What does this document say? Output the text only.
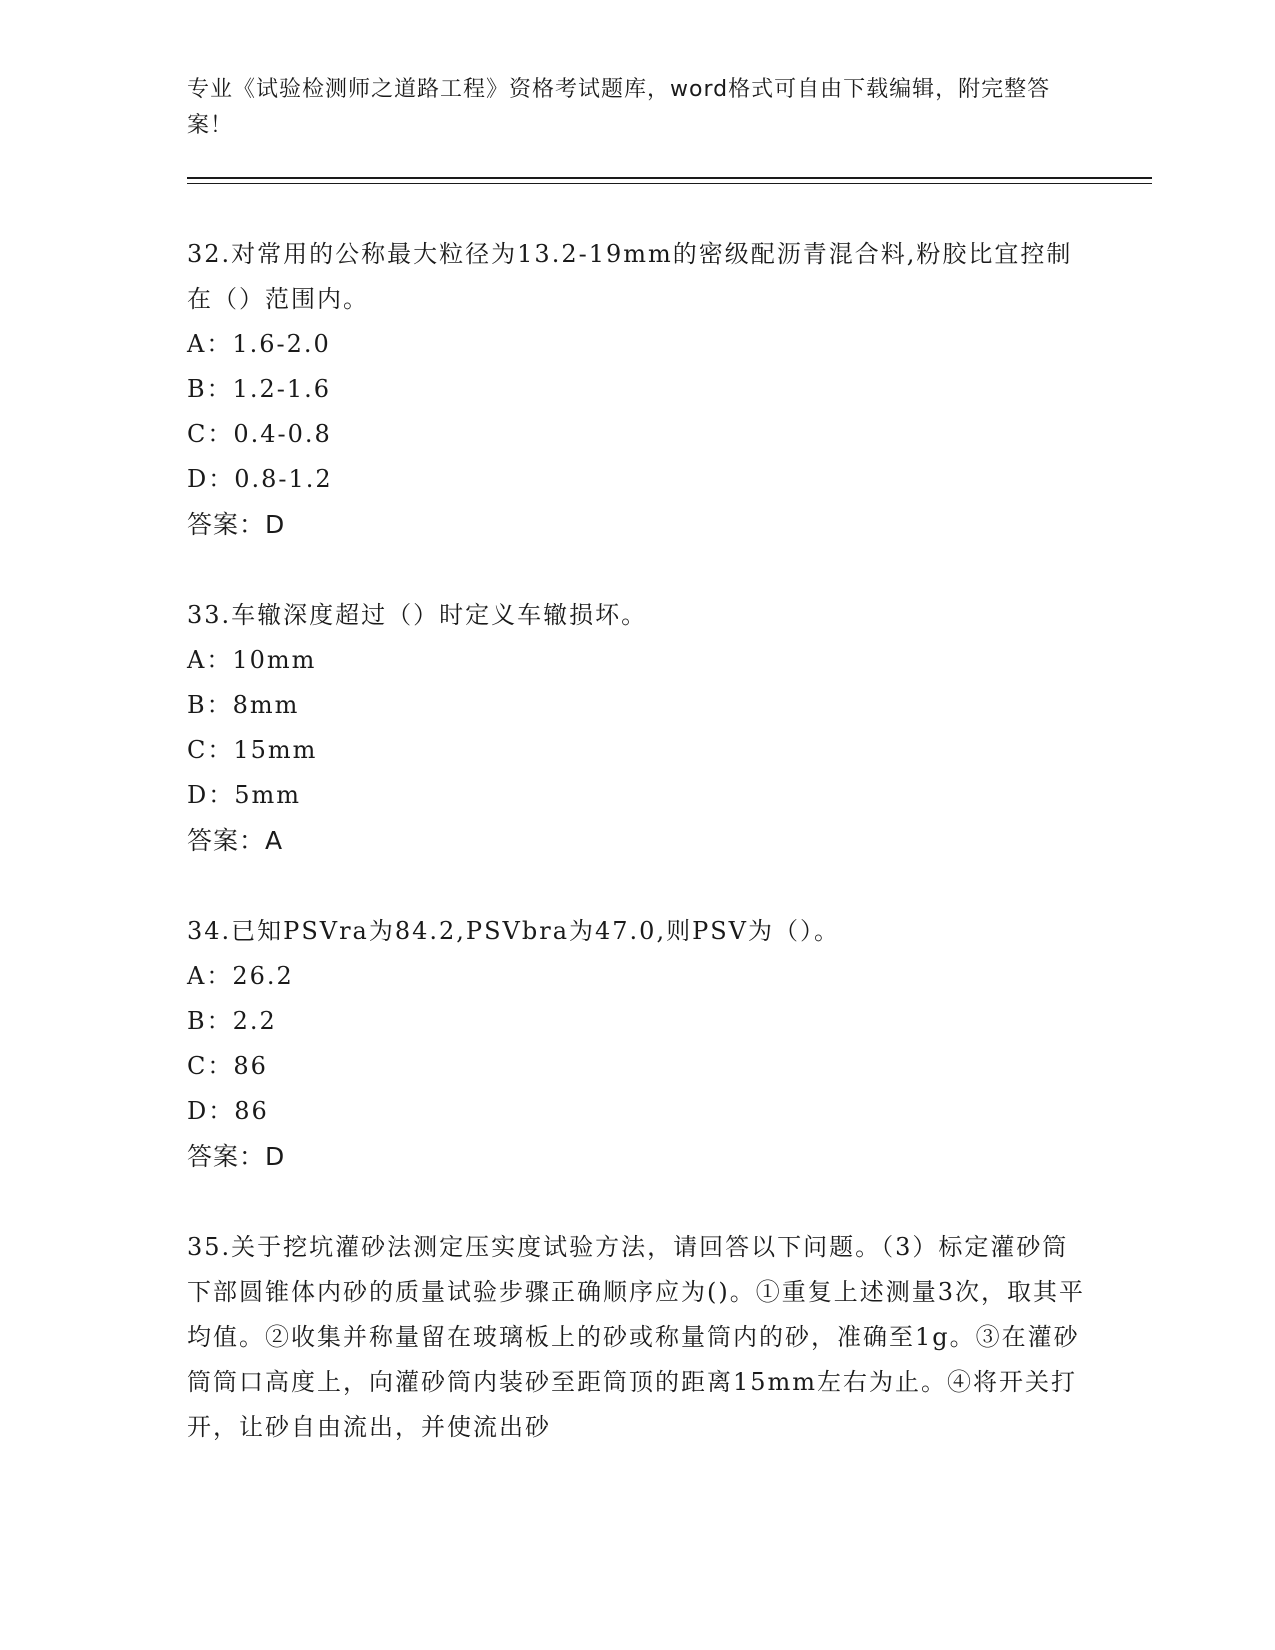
专业《试验检测师之道路工程》资格考试题库，word格式可自由下载编辑，附完整答案！
32.对常用的公称最大粒径为13.2-19mm的密级配沥青混合料,粉胶比宜控制在（）范围内。
A：1.6-2.0
B：1.2-1.6
C：0.4-0.8
D：0.8-1.2
答案：D
33.车辙深度超过（）时定义车辙损坏。
A：10mm
B：8mm
C：15mm
D：5mm
答案：A
34.已知PSVra为84.2,PSVbra为47.0,则PSV为（）。
A：26.2
B：2.2
C：86
D：86
答案：D
35.关于挖坑灌砂法测定压实度试验方法，请回答以下问题。（3）标定灌砂筒下部圆锥体内砂的质量试验步骤正确顺序应为()。①重复上述测量3次，取其平均值。②收集并称量留在玻璃板上的砂或称量筒内的砂，准确至1g。③在灌砂筒筒口高度上，向灌砂筒内装砂至距筒顶的距离15mm左右为止。④将开关打开，让砂自由流出，并使流出砂
